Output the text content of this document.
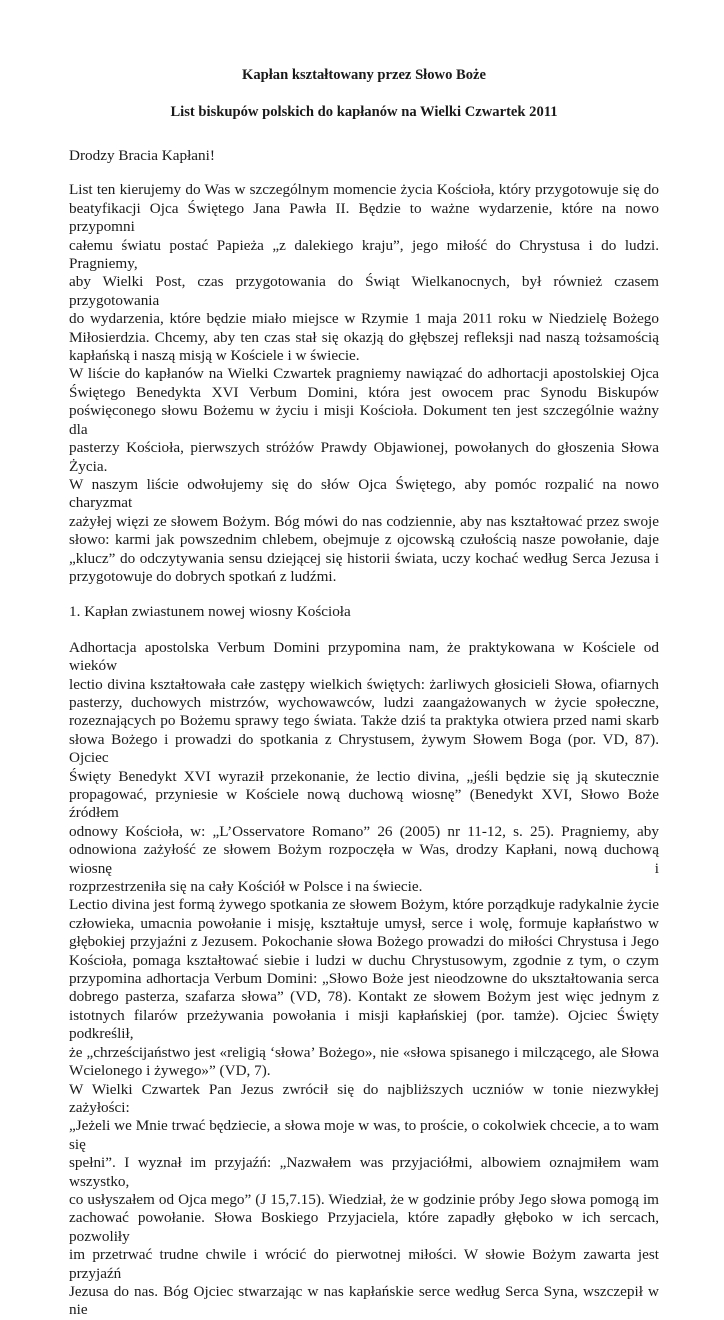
Kapłan kształtowany przez Słowo Boże

List biskupów polskich do kapłanów na Wielki Czwartek 2011

Drodzy Bracia Kapłani!

List ten kierujemy do Was w szczególnym momencie życia Kościoła, który przygotowuje się do
beatyfikacji Ojca Świętego Jana Pawła II. Będzie to ważne wydarzenie, które na nowo przypomni
całemu światu postać Papieża „z dalekiego kraju”, jego miłość do Chrystusa i do ludzi. Pragniemy,
aby Wielki Post, czas przygotowania do Świąt Wielkanocnych, był również czasem przygotowania
do wydarzenia, które będzie miało miejsce w Rzymie 1 maja 2011 roku w Niedzielę Bożego
Miłosierdzia. Chcemy, aby ten czas stał się okazją do głębszej refleksji nad naszą tożsamością
kapłańską i naszą misją w Kościele i w świecie.

W liście do kapłanów na Wielki Czwartek pragniemy nawiązać do adhortacji apostolskiej Ojca
Świętego Benedykta XVI Verbum Domini, która jest owocem prac Synodu Biskupów
poświęconego słowu Bożemu w życiu i misji Kościoła. Dokument ten jest szczególnie ważny dla
pasterzy Kościoła, pierwszych stróżów Prawdy Objawionej, powołanych do głoszenia Słowa Życia.
W naszym liście odwołujemy się do słów Ojca Świętego, aby pomóc rozpalić na nowo charyzmat
zażyłej więzi ze słowem Bożym. Bóg mówi do nas codziennie, aby nas kształtować przez swoje
słowo: karmi jak powszednim chlebem, obejmuje z ojcowską czułością nasze powołanie, daje
„klucz” do odczytywania sensu dziejącej się historii świata, uczy kochać według Serca Jezusa i
przygotowuje do dobrych spotkań z ludźmi.

1. Kapłan zwiastunem nowej wiosny Kościoła

Adhortacja apostolska Verbum Domini przypomina nam, że praktykowana w Kościele od wieków
lectio divina kształtowała całe zastępy wielkich świętych: żarliwych głosicieli Słowa, ofiarnych
pasterzy, duchowych mistrzów, wychowawców, ludzi zaangażowanych w życie społeczne,
rozeznających po Bożemu sprawy tego świata. Także dziś ta praktyka otwiera przed nami skarb
słowa Bożego i prowadzi do spotkania z Chrystusem, żywym Słowem Boga (por. VD, 87). Ojciec
Święty Benedykt XVI wyraził przekonanie, że lectio divina, „jeśli będzie się ją skutecznie
propagować, przyniesie w Kościele nową duchową wiosnę” (Benedykt XVI, Słowo Boże źródłem
odnowy Kościoła, w: „L’Osservatore Romano” 26 (2005) nr 11-12, s. 25). Pragniemy, aby
odnowiona zażyłość ze słowem Bożym rozpoczęła w Was, drodzy Kapłani, nową duchową wiosnę i
rozprzestrzeniła się na cały Kościół w Polsce i na świecie.

Lectio divina jest formą żywego spotkania ze słowem Bożym, które porządkuje radykalnie życie
człowieka, umacnia powołanie i misję, kształtuje umysł, serce i wolę, formuje kapłaństwo w
głębokiej przyjaźni z Jezusem. Pokochanie słowa Bożego prowadzi do miłości Chrystusa i Jego
Kościoła, pomaga kształtować siebie i ludzi w duchu Chrystusowym, zgodnie z tym, o czym
przypomina adhortacja Verbum Domini: „Słowo Boże jest nieodzowne do ukształtowania serca
dobrego pasterza, szafarza słowa” (VD, 78). Kontakt ze słowem Bożym jest więc jednym z
istotnych filarów przeżywania powołania i misji kapłańskiej (por. tamże). Ojciec Święty podkreślił,
że „chrześcijaństwo jest «religią ‘słowa’ Bożego», nie «słowa spisanego i milczącego, ale Słowa
Wcielonego i żywego»” (VD, 7).

W Wielki Czwartek Pan Jezus zwrócił się do najbliższych uczniów w tonie niezwykłej zażyłości:
„Jeżeli we Mnie trwać będziecie, a słowa moje w was, to proście, o cokolwiek chcecie, a to wam się
spełni”. I wyznał im przyjaźń: „Nazwałem was przyjaciółmi, albowiem oznajmiłem wam wszystko,
co usłyszałem od Ojca mego” (J 15,7.15). Wiedział, że w godzinie próby Jego słowa pomogą im
zachować powołanie. Słowa Boskiego Przyjaciela, które zapadły głęboko w ich sercach, pozwoliły
im przetrwać trudne chwile i wrócić do pierwotnej miłości. W słowie Bożym zawarta jest przyjaźń
Jezusa do nas. Bóg Ojciec stwarzając w nas kapłańskie serce według Serca Syna, wszczepił w nie
